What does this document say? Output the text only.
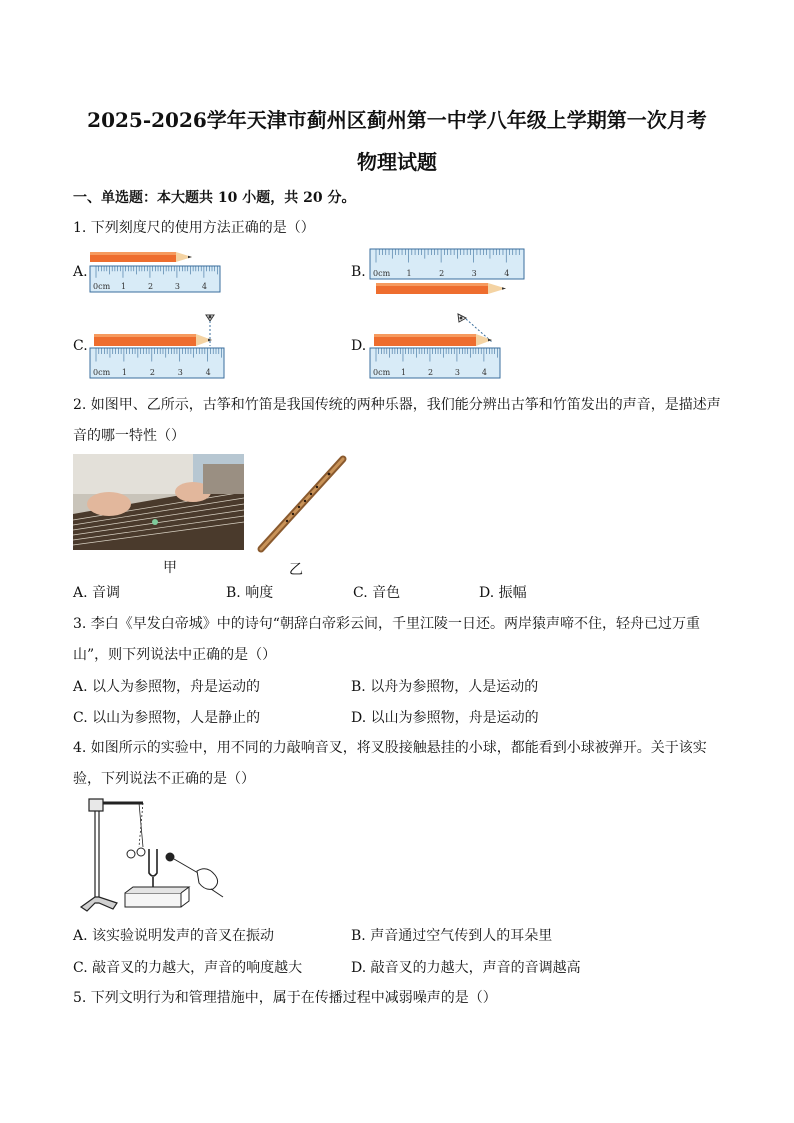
2025-2026学年天津市蓟州区蓟州第一中学八年级上学期第一次月考
物理试题
一、单选题：本大题共 10 小题，共 20 分。
1. 下列刻度尺的使用方法正确的是（）
A.	B.
C.	D.
0cm 1	2	3	4
0cm 1	2	3	4
0cm 1	2	3	4	0cm 1	2	3	4
2. 如图甲、乙所示，古筝和竹笛是我国传统的两种乐器，我们能分辨出古筝和竹笛发出的声音，是描述声
音的哪一特性（）
甲	乙
A. 音调	B. 响度	C. 音色	D. 振幅
3. 李白《早发白帝城》中的诗句“朝辞白帝彩云间，千里江陵一日还。两岸猿声啼不住，轻舟已过万重
山”，则下列说法中正确的是（）
A. 以人为参照物，舟是运动的	B. 以舟为参照物，人是运动的
C. 以山为参照物，人是静止的	D. 以山为参照物，舟是运动的
4. 如图所示的实验中，用不同的力敲响音叉，将叉股接触悬挂的小球，都能看到小球被弹开。关于该实
验，下列说法不正确的是（）
A. 该实验说明发声的音叉在振动	B. 声音通过空气传到人的耳朵里
C. 敲音叉的力越大，声音的响度越大	D. 敲音叉的力越大，声音的音调越高
5. 下列文明行为和管理措施中，属于在传播过程中减弱噪声的是（）
